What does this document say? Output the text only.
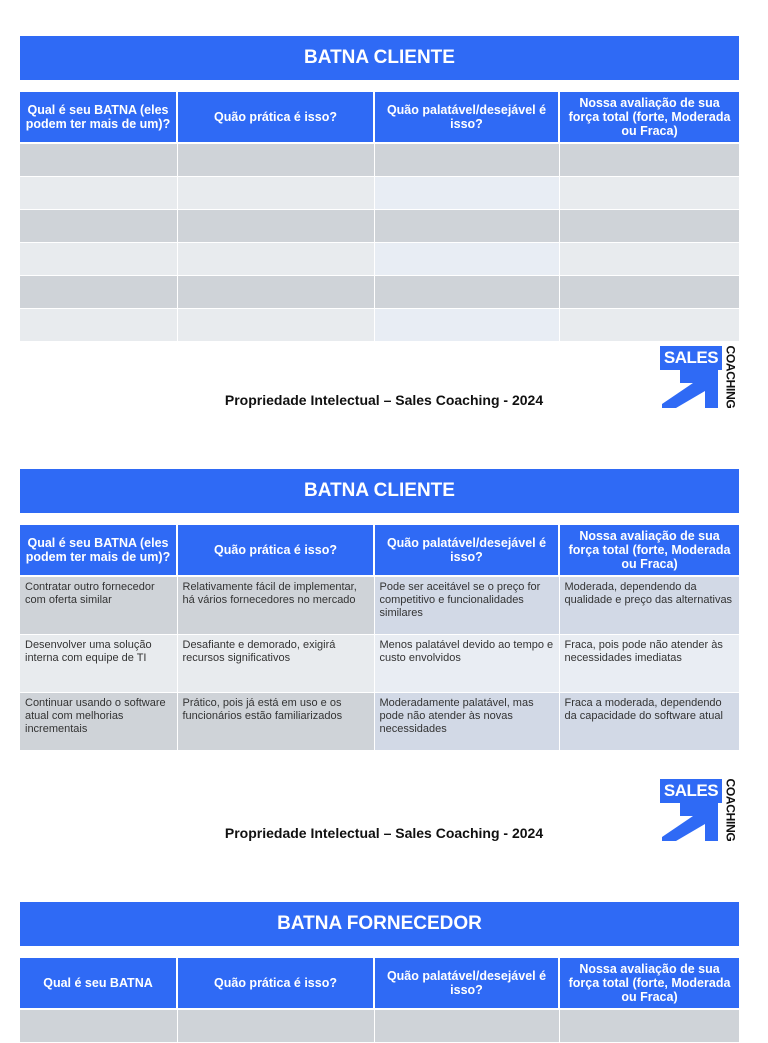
BATNA CLIENTE
Qual é seu BATNA (eles podem ter mais de um)?	Quão prática é isso?	Quão palatável/desejável é isso?	Nossa avaliação de sua força total (forte, Moderada ou Fraca)

SALES COACHING
Propriedade Intelectual – Sales Coaching - 2024
BATNA CLIENTE
Qual é seu BATNA (eles podem ter mais de um)?	Quão prática é isso?	Quão palatável/desejável é isso?	Nossa avaliação de sua força total (forte, Moderada ou Fraca)
Contratar outro fornecedor com oferta similar	Relativamente fácil de implementar, há vários fornecedores no mercado	Pode ser aceitável se o preço for competitivo e funcionalidades similares	Moderada, dependendo da qualidade e preço das alternativas
Desenvolver uma solução interna com equipe de TI	Desafiante e demorado, exigirá recursos significativos	Menos palatável devido ao tempo e custo envolvidos	Fraca, pois pode não atender às necessidades imediatas
Continuar usando o software atual com melhorias incrementais	Prático, pois já está em uso e os funcionários estão familiarizados	Moderadamente palatável, mas pode não atender às novas necessidades	Fraca a moderada, dependendo da capacidade do software atual
SALES COACHING
Propriedade Intelectual – Sales Coaching - 2024
BATNA FORNECEDOR
Qual é seu BATNA	Quão prática é isso?	Quão palatável/desejável é isso?	Nossa avaliação de sua força total (forte, Moderada ou Fraca)
